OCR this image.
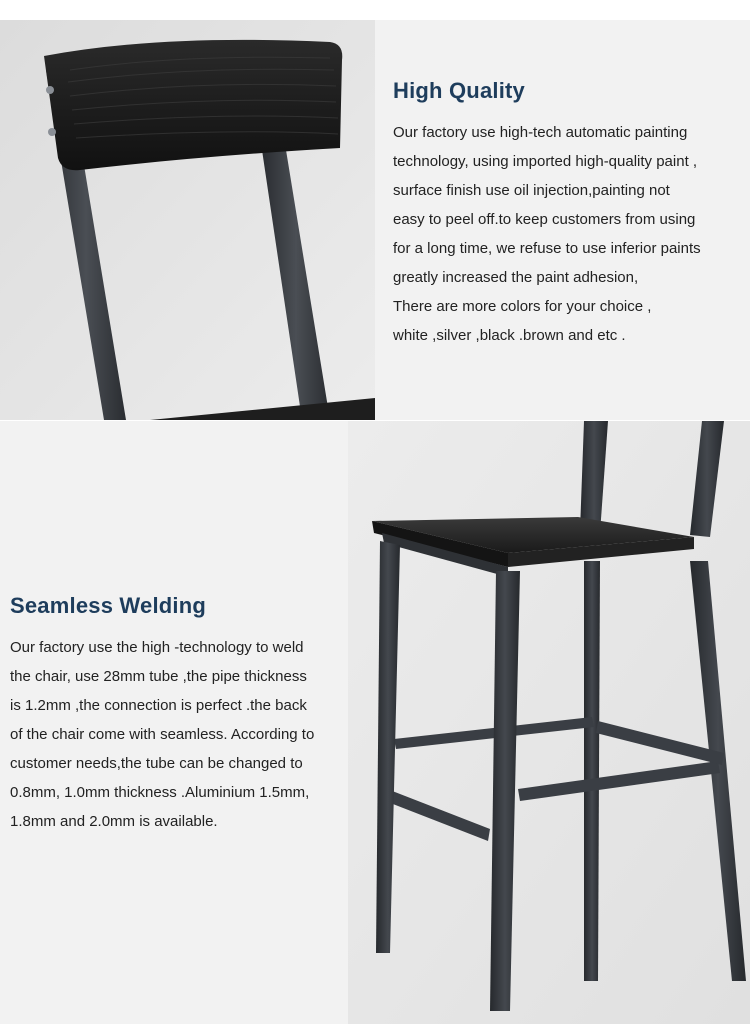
High Quality
Our factory use high-tech automatic painting
technology, using imported high-quality paint ,
surface finish use oil injection,painting not
easy to peel off.to keep customers from using
for a long time, we refuse to use inferior paints
greatly increased the paint adhesion,
There are more colors for your choice ,
white ,silver ,black .brown and etc .
Seamless Welding
Our factory use the high -technology to weld
the chair, use 28mm tube ,the pipe thickness
is 1.2mm ,the connection is perfect .the back
of the chair come with seamless. According to
customer needs,the tube can be changed to
0.8mm, 1.0mm thickness .Aluminium 1.5mm,
1.8mm and 2.0mm is available.
